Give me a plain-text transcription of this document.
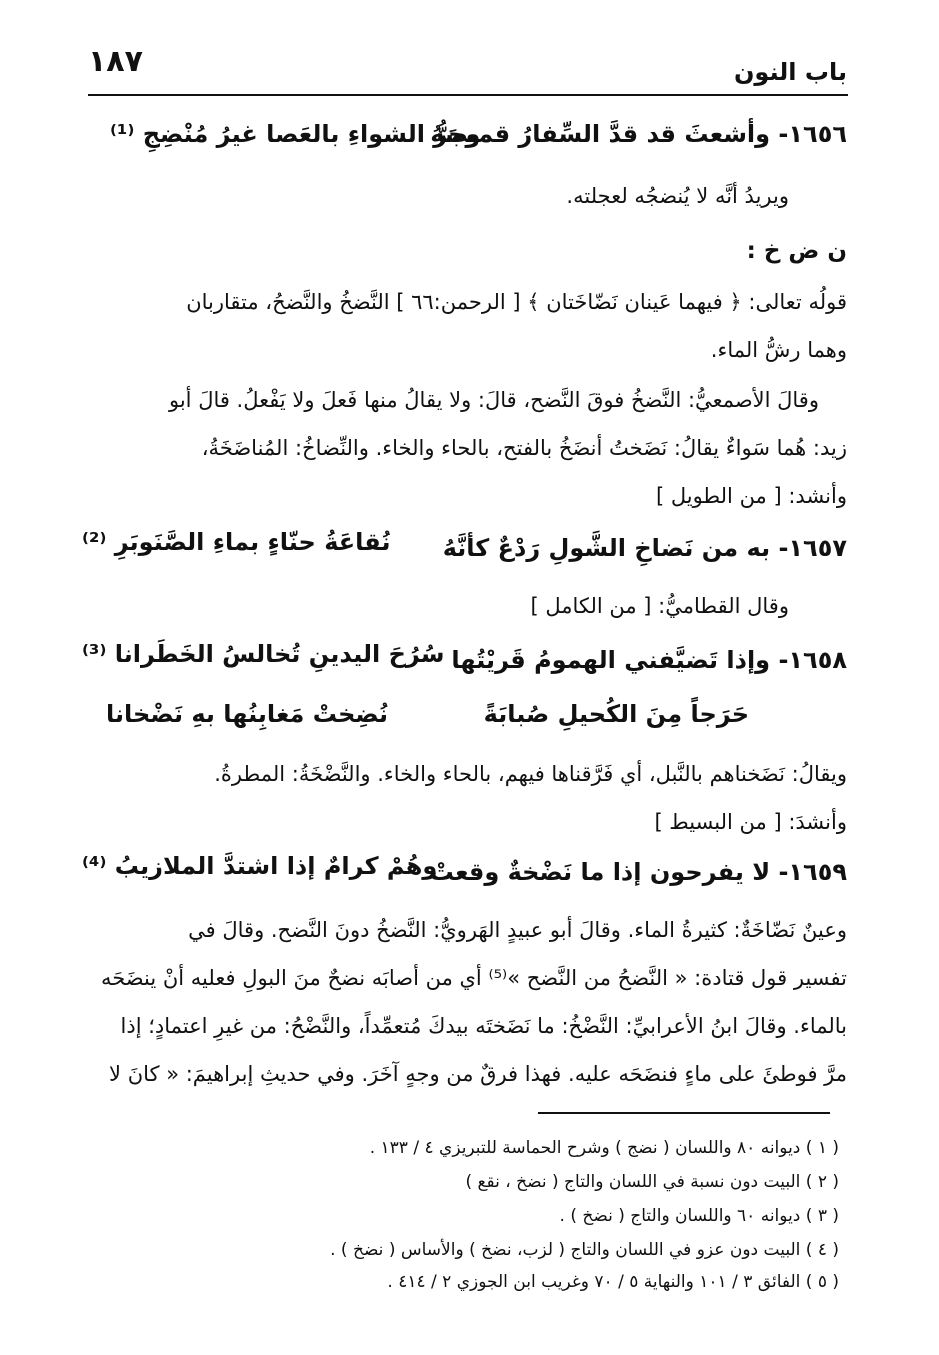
١٨٧	باب النون
١٦٥٦- وأشعثَ قد قدَّ السِّفارُ قميصَهُ
وجرُّ الشواءِ بالعَصا غيرُ مُنْضِجِ ⁽¹⁾
ويريدُ أنَّه لا يُنضجُه لعجلته.
ن ض خ :
قولُه تعالى: ﴿ فيهما عَينان نَضّاخَتان ﴾ [ الرحمن:٦٦ ] النَّضخُ والنَّضحُ، متقاربان
وهما رشُّ الماء.
وقالَ الأصمعيُّ: النَّضخُ فوقَ النَّضح، قالَ: ولا يقالُ منها فَعلَ ولا يَفْعلُ. قالَ أبو
زيد: هُما سَواءٌ يقالُ: نَضَختُ أنضَخُ بالفتح، بالحاء والخاء. والنِّضاخُ: المُناضَخَةُ،
وأنشد: [ من الطويل ]
١٦٥٧- به من نَضاخِ الشَّولِ رَدْعٌ كأنَّهُ
نُقاعَةُ حنّاءٍ بماءِ الصَّنَوبَرِ ⁽²⁾
وقال القطاميُّ: [ من الكامل ]
١٦٥٨- وإذا تَضيَّفني الهمومُ قَريْتُها
سُرُحَ اليدينِ تُخالسُ الخَطَرانا ⁽³⁾
حَرَجاً مِنَ الكُحيلِ صُبابَةً
نُضِختْ مَغابِنُها بهِ نَضْخانا
ويقالُ: نَضَخناهم بالنَّبل، أي فَرَّقناها فيهم، بالحاء والخاء. والنَّضْخَةُ: المطرةُ.
وأنشدَ: [ من البسيط ]
١٦٥٩- لا يفرحون إذا ما نَضْخةٌ وقعتْ
وهُمْ كرامٌ إذا اشتدَّ الملازيبُ ⁽⁴⁾
وعينٌ نَضّاخَةٌ: كثيرةُ الماء. وقالَ أبو عبيدٍ الهَرويُّ: النَّضخُ دونَ النَّضح. وقالَ في
تفسير قول قتادة: « النَّضحُ من النَّضح »⁽⁵⁾ أي من أصابَه نضحٌ منَ البولِ فعليه أنْ ينضَحَه
بالماء. وقالَ ابنُ الأعرابيِّ: النَّضْخُ: ما نَضَختَه بيدكَ مُتعمِّداً، والنَّضْحُ: من غيرِ اعتمادٍ؛ إذا
مرَّ فوطئَ على ماءٍ فنضَحَه عليه. فهذا فرقٌ من وجهٍ آخَرَ. وفي حديثِ إبراهيمَ: « كانَ لا
( ١ ) ديوانه ٨٠ واللسان ( نضج ) وشرح الحماسة للتبريزي ٤ / ١٣٣ .
( ٢ ) البيت دون نسبة في اللسان والتاج ( نضخ ، نقع )
( ٣ ) ديوانه ٦٠ واللسان والتاج ( نضخ ) .
( ٤ ) البيت دون عزو في اللسان والتاج ( لزب، نضخ ) والأساس ( نضخ ) .
( ٥ ) الفائق ٣ / ١٠١ والنهاية ٥ / ٧٠ وغريب ابن الجوزي ٢ / ٤١٤ .
